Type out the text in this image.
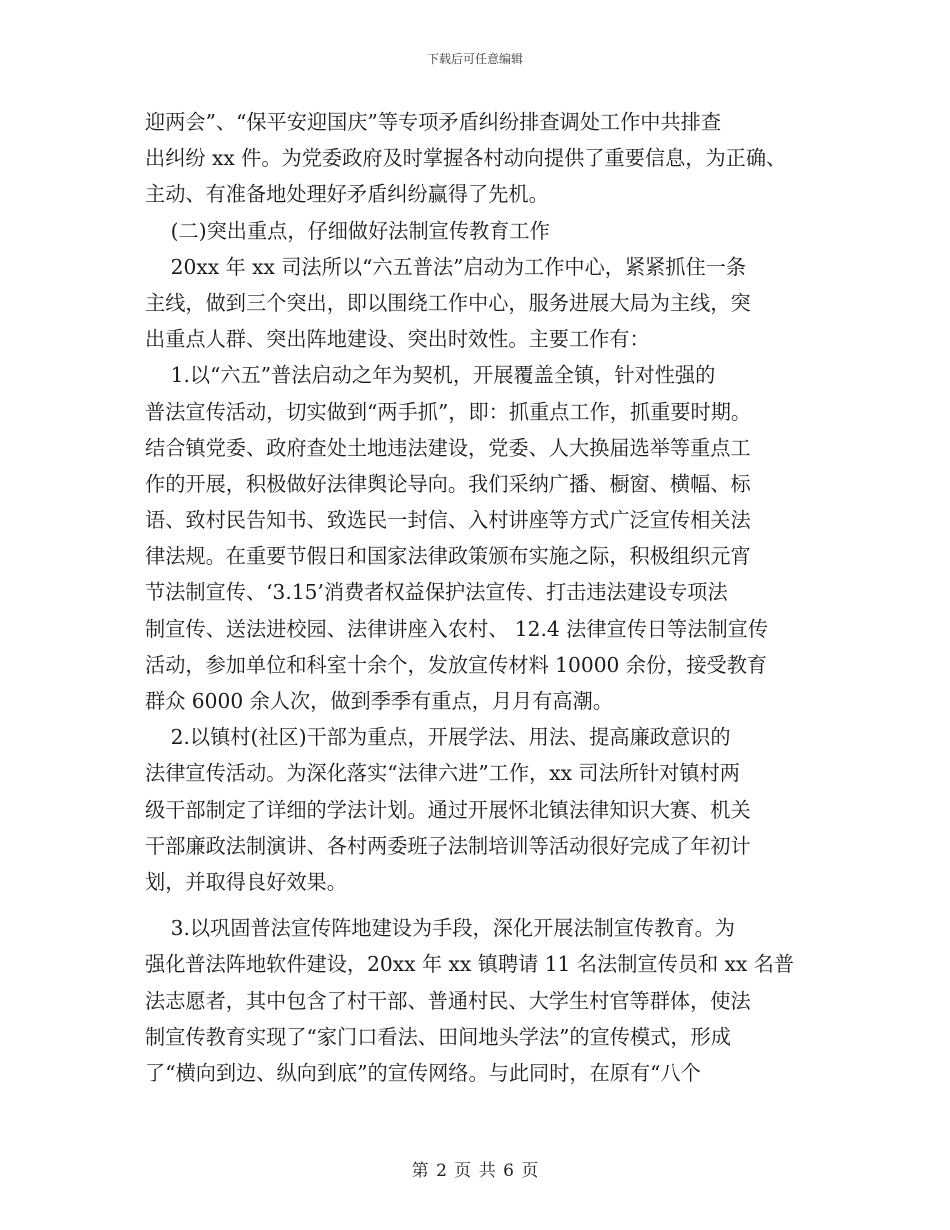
下载后可任意编辑
迎两会”、“保平安迎国庆”等专项矛盾纠纷排查调处工作中共排查
出纠纷 xx 件。为党委政府及时掌握各村动向提供了重要信息，为正确、
主动、有准备地处理好矛盾纠纷赢得了先机。
(二)突出重点，仔细做好法制宣传教育工作
20xx 年 xx 司法所以“六五普法”启动为工作中心，紧紧抓住一条
主线，做到三个突出，即以围绕工作中心，服务进展大局为主线，突
出重点人群、突出阵地建设、突出时效性。主要工作有：
1.以“六五”普法启动之年为契机，开展覆盖全镇，针对性强的
普法宣传活动，切实做到“两手抓”，即：抓重点工作，抓重要时期。
结合镇党委、政府查处土地违法建设，党委、人大换届选举等重点工
作的开展，积极做好法律舆论导向。我们采纳广播、橱窗、横幅、标
语、致村民告知书、致选民一封信、入村讲座等方式广泛宣传相关法
律法规。在重要节假日和国家法律政策颁布实施之际，积极组织元宵
节法制宣传、‘3.15’消费者权益保护法宣传、打击违法建设专项法
制宣传、送法进校园、法律讲座入农村、 12.4 法律宣传日等法制宣传
活动，参加单位和科室十余个，发放宣传材料 10000 余份，接受教育
群众 6000 余人次，做到季季有重点，月月有高潮。
2.以镇村(社区)干部为重点，开展学法、用法、提高廉政意识的
法律宣传活动。为深化落实“法律六进”工作，xx 司法所针对镇村两
级干部制定了详细的学法计划。通过开展怀北镇法律知识大赛、机关
干部廉政法制演讲、各村两委班子法制培训等活动很好完成了年初计
划，并取得良好效果。
3.以巩固普法宣传阵地建设为手段，深化开展法制宣传教育。为
强化普法阵地软件建设，20xx 年 xx 镇聘请 11 名法制宣传员和 xx 名普
法志愿者，其中包含了村干部、普通村民、大学生村官等群体，使法
制宣传教育实现了“家门口看法、田间地头学法”的宣传模式，形成
了“横向到边、纵向到底”的宣传网络。与此同时，在原有“八个
第 2 页 共 6 页
